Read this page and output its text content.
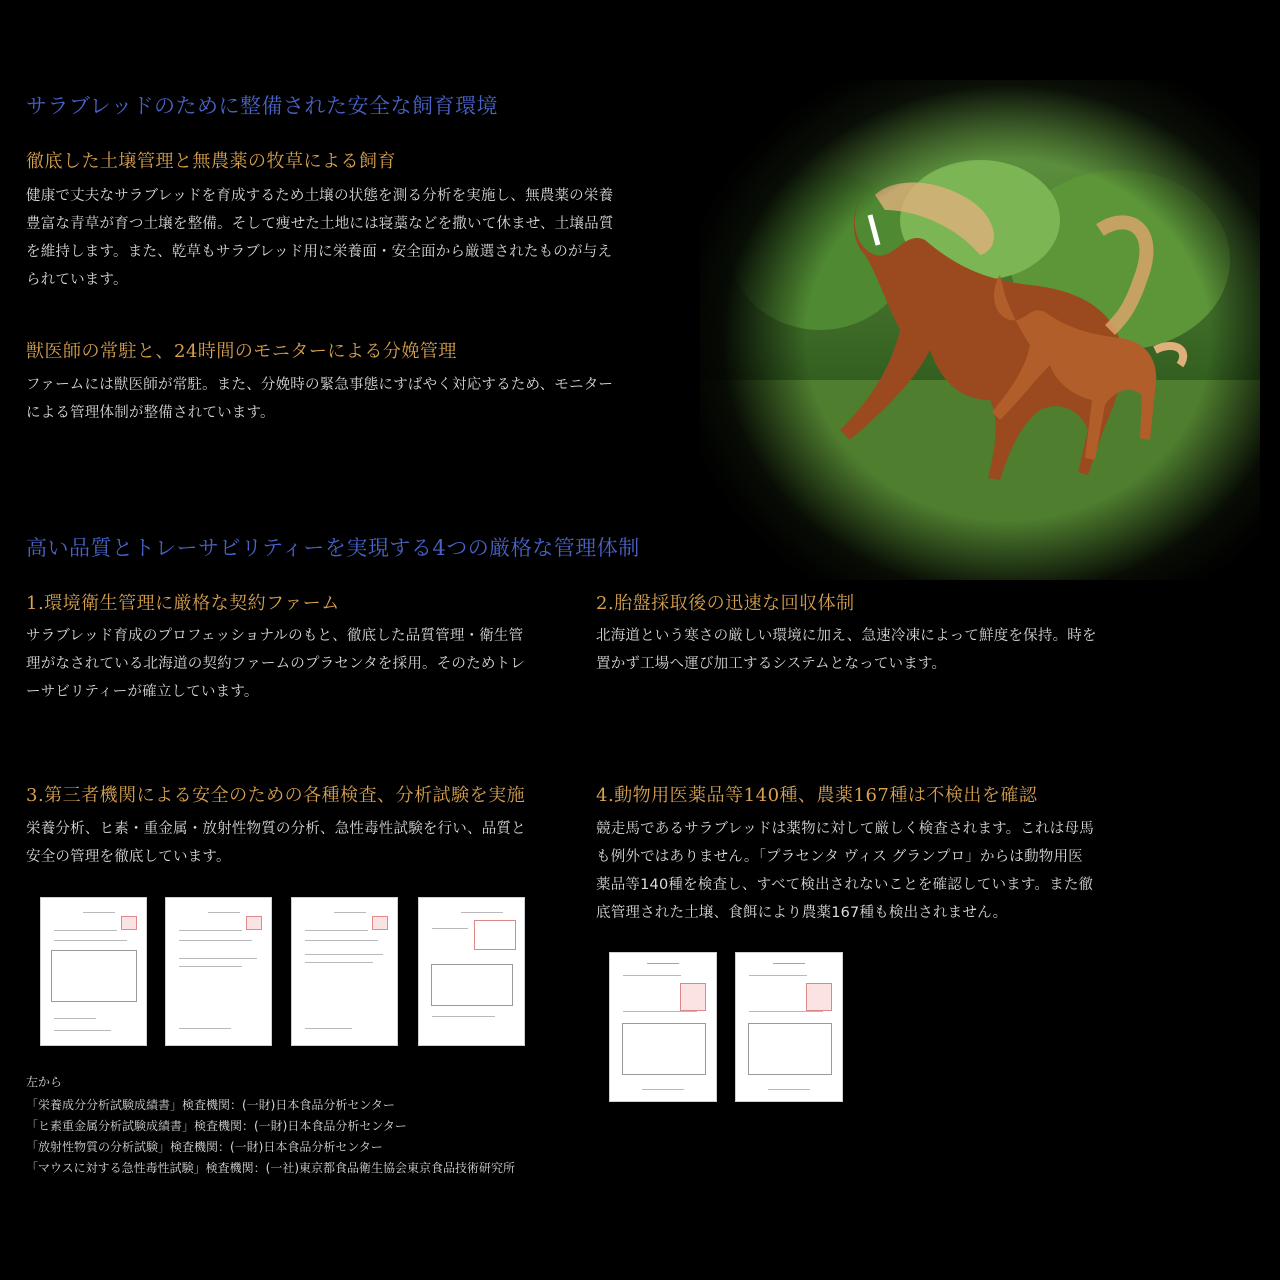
サラブレッドのために整備された安全な飼育環境
徹底した土壌管理と無農薬の牧草による飼育
健康で丈夫なサラブレッドを育成するため土壌の状態を測る分析を実施し、無農薬の栄養
豊富な青草が育つ土壌を整備。そして痩せた土地には寝藁などを撒いて休ませ、土壌品質
を維持します。また、乾草もサラブレッド用に栄養面・安全面から厳選されたものが与え
られています。
獣医師の常駐と、24時間のモニターによる分娩管理
ファームには獣医師が常駐。また、分娩時の緊急事態にすばやく対応するため、モニター
による管理体制が整備されています。
高い品質とトレーサビリティーを実現する4つの厳格な管理体制
1.環境衛生管理に厳格な契約ファーム
サラブレッド育成のプロフェッショナルのもと、徹底した品質管理・衛生管
理がなされている北海道の契約ファームのプラセンタを採用。そのためトレ
ーサビリティーが確立しています。
2.胎盤採取後の迅速な回収体制
北海道という寒さの厳しい環境に加え、急速冷凍によって鮮度を保持。時を
置かず工場へ運び加工するシステムとなっています。
3.第三者機関による安全のための各種検査、分析試験を実施
栄養分析、ヒ素・重金属・放射性物質の分析、急性毒性試験を行い、品質と
安全の管理を徹底しています。
4.動物用医薬品等140種、農薬167種は不検出を確認
競走馬であるサラブレッドは薬物に対して厳しく検査されます。これは母馬
も例外ではありません。「プラセンタ ヴィス グランプロ」からは動物用医
薬品等140種を検査し、すべて検出されないことを確認しています。また徹
底管理された土壌、食餌により農薬167種も検出されません。
左から
「栄養成分分析試験成績書」検査機関：(一財)日本食品分析センター
「ヒ素重金属分析試験成績書」検査機関：(一財)日本食品分析センター
「放射性物質の分析試験」検査機関：(一財)日本食品分析センター
「マウスに対する急性毒性試験」検査機関：(一社)東京都食品衛生協会東京食品技術研究所
